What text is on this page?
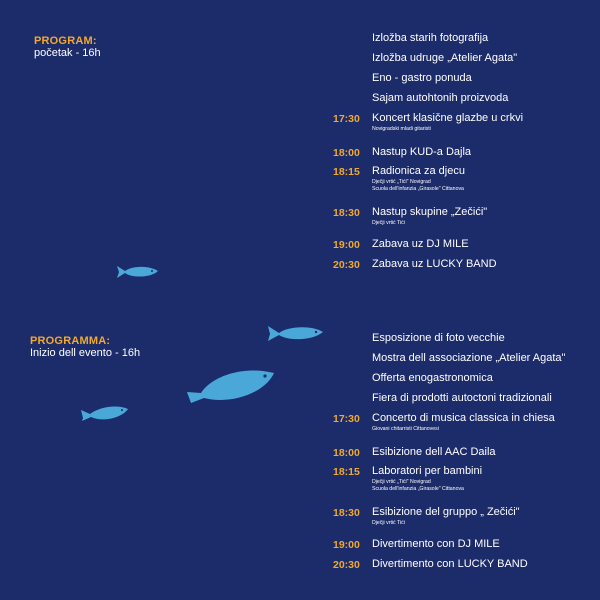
PROGRAM:
početak - 16h
Izložba starih fotografija
Izložba udruge „Atelier Agata"
Eno - gastro ponuda
Sajam autohtonih proizvoda
17:30 Koncert klasične glazbe u crkvi
Novigradski mladi gitaristi
18:00 Nastup KUD-a Dajla
18:15 Radionica za djecu
Dječji vrtić „Tići" Novigrad
Scuola dell'infanzia „Girasole" Cittanova
18:30 Nastup skupine „Zečići"
Dječji vrtić Tići
19:00 Zabava uz DJ MILE
20:30 Zabava uz LUCKY BAND
PROGRAMMA:
Inizio dell evento - 16h
Esposizione di foto vecchie
Mostra dell associazione „Atelier Agata"
Offerta enogastronomica
Fiera di prodotti autoctoni tradizionali
17:30 Concerto di musica classica in chiesa
Giovani chitarristi Cittanovesi
18:00 Esibizione dell AAC Daila
18:15 Laboratori per bambini
Dječji vrtić „Tići" Novigrad
Scuola dell'infanzia „Girasole" Cittanova
18:30 Esibizione del gruppo „ Zečići"
Dječji vrtić Tići
19:00 Divertimento con DJ MILE
20:30 Divertimento con LUCKY BAND
